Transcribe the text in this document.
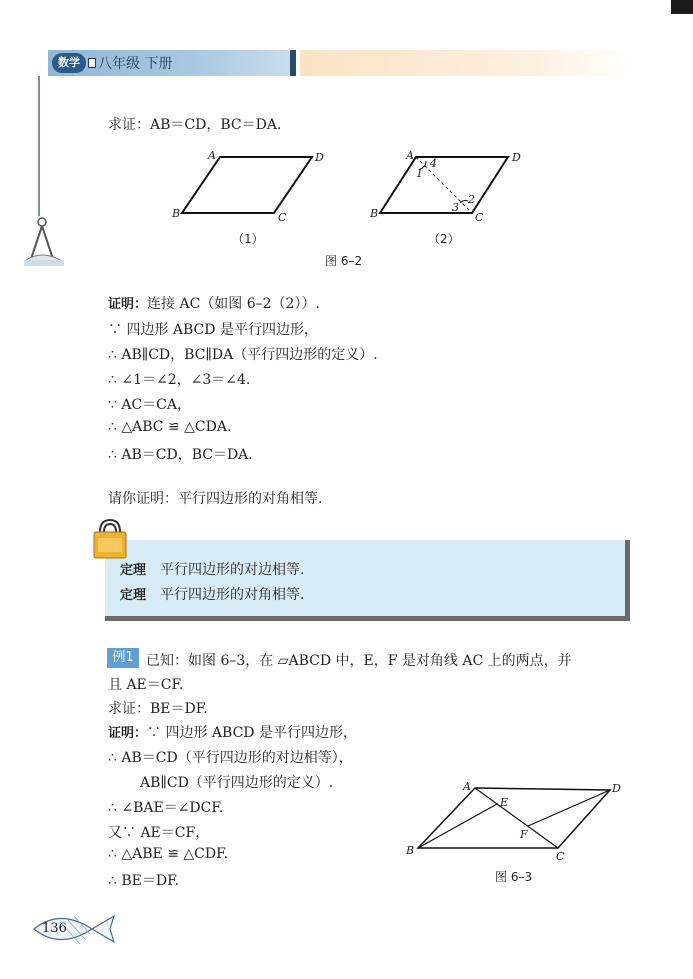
数学	八年级 下册
求证：AB＝CD，BC＝DA.
A	D
B	C
（1）
A	D
B	C
1
4
2
3
（2）
图 6–2
证明：连接 AC（如图 6–2（2））.
∵ 四边形 ABCD 是平行四边形，
∴ AB∥CD，BC∥DA（平行四边形的定义）.
∴ ∠1＝∠2，∠3＝∠4.
∵ AC＝CA，
∴ △ABC ≌ △CDA.
∴ AB＝CD，BC＝DA.
请你证明：平行四边形的对角相等.
定理 平行四边形的对边相等.
定理 平行四边形的对角相等.
例1 已知：如图 6–3，在 ▱ABCD 中，E，F 是对角线 AC 上的两点，并
且 AE＝CF.
求证：BE＝DF.
证明：∵ 四边形 ABCD 是平行四边形，
∴ AB＝CD（平行四边形的对边相等），
AB∥CD（平行四边形的定义）.
∴ ∠BAE＝∠DCF.
又∵ AE＝CF，
∴ △ABE ≌ △CDF.
∴ BE＝DF.
A	D
B	C
E
F
图 6–3
136
